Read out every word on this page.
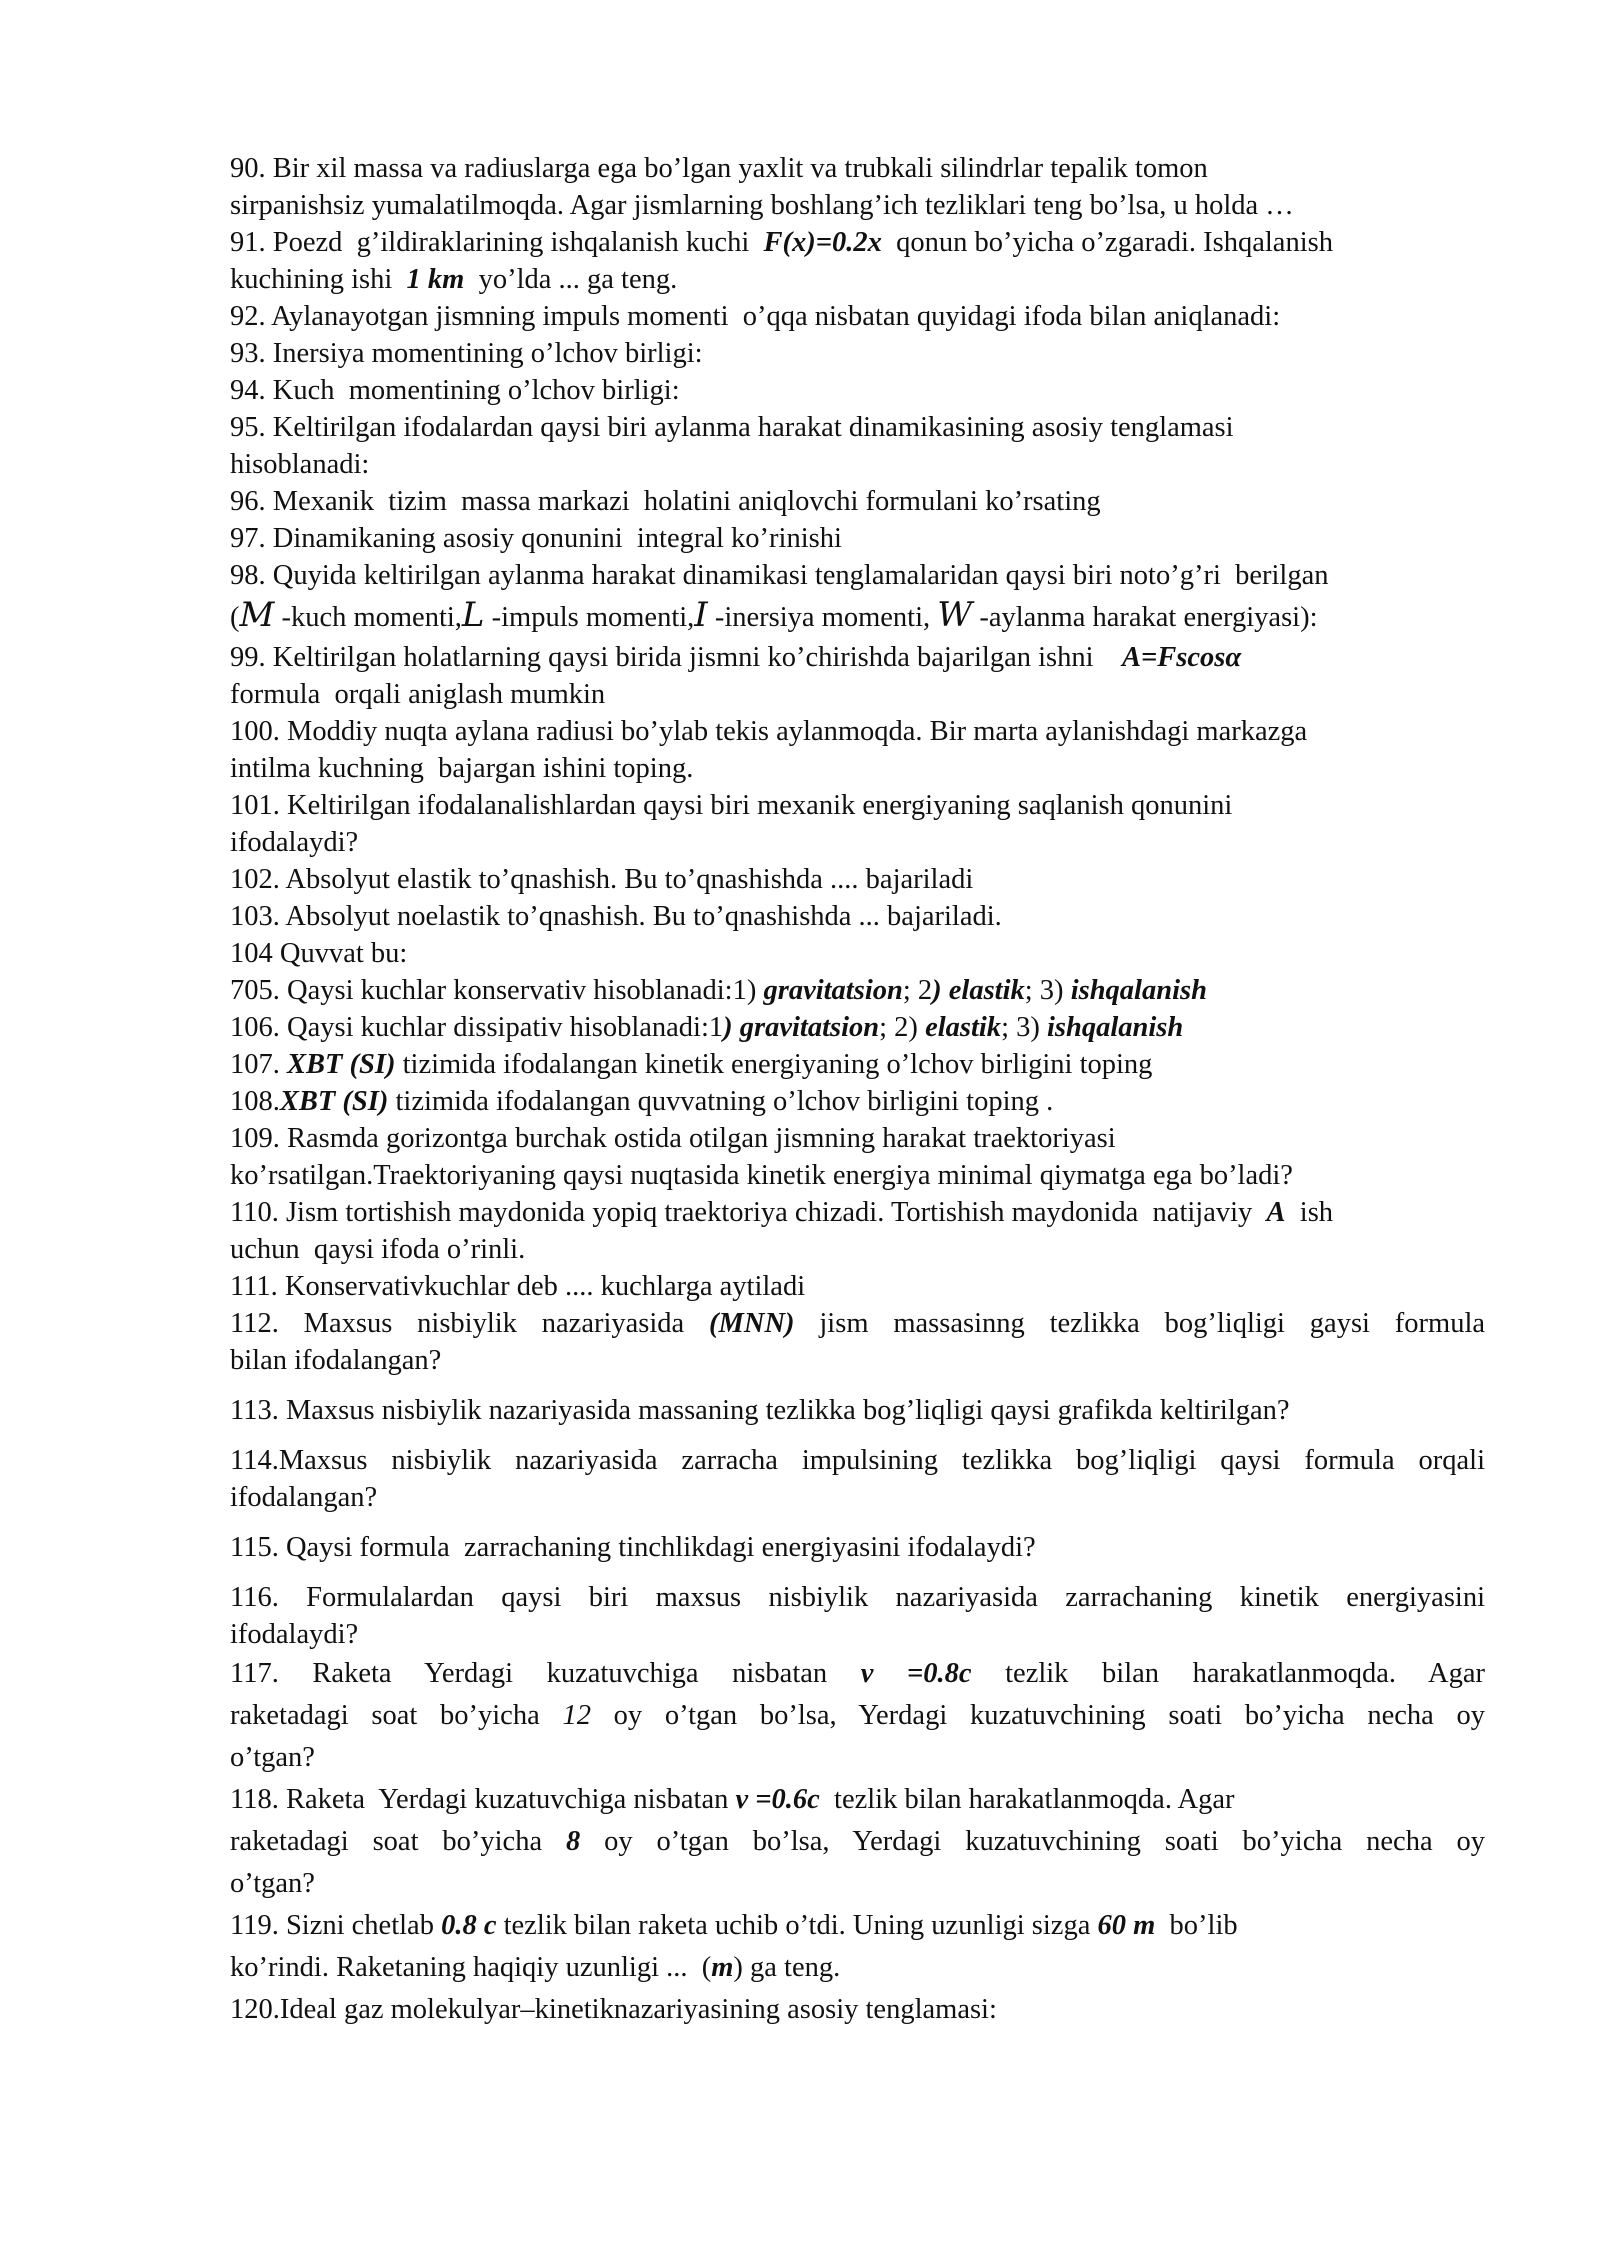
90. Bir xil massa va radiuslarga ega bo’lgan yaxlit va trubkali silindrlar tepalik tomon

sirpanishsiz yumalatilmoqda. Agar jismlarning boshlang’ich tezliklari teng bo’lsa, u holda …

91. Poezd  g’ildiraklarining ishqalanish kuchi  F(x)=0.2x  qonun bo’yicha o’zgaradi. Ishqalanish

kuchining ishi  1 km  yo’lda ... ga teng.

92. Aylanayotgan jismning impuls momenti  o’qqa nisbatan quyidagi ifoda bilan aniqlanadi:

93. Inersiya momentining o’lchov birligi:

94. Kuch  momentining o’lchov birligi:

95. Keltirilgan ifodalardan qaysi biri aylanma harakat dinamikasining asosiy tenglamasi

hisoblanadi:

96. Mexanik  tizim  massa markazi  holatini aniqlovchi formulani ko’rsating

97. Dinamikaning asosiy qonunini  integral ko’rinishi

98. Quyida keltirilgan aylanma harakat dinamikasi tenglamalaridan qaysi biri noto’g’ri  berilgan

(M -kuch momenti,L -impuls momenti,I -inersiya momenti, W -aylanma harakat energiyasi):

99. Keltirilgan holatlarning qaysi birida jismni ko’chirishda bajarilgan ishni    A=Fscosα

formula  orqali aniglash mumkin

100. Moddiy nuqta aylana radiusi bo’ylab tekis aylanmoqda. Bir marta aylanishdagi markazga

intilma kuchning  bajargan ishini toping.

101. Keltirilgan ifodalanalishlardan qaysi biri mexanik energiyaning saqlanish qonunini

ifodalaydi?

102. Absolyut elastik to’qnashish. Bu to’qnashishda .... bajariladi

103. Absolyut noelastik to’qnashish. Bu to’qnashishda ... bajariladi.

104 Quvvat bu:

705. Qaysi kuchlar konservativ hisoblanadi:1) gravitatsion; 2) elastik; 3) ishqalanish

106. Qaysi kuchlar dissipativ hisoblanadi:1) gravitatsion; 2) elastik; 3) ishqalanish

107. XBT (SI) tizimida ifodalangan kinetik energiyaning o’lchov birligini toping

108.XBT (SI) tizimida ifodalangan quvvatning o’lchov birligini toping .

109. Rasmda gorizontga burchak ostida otilgan jismning harakat traektoriyasi

ko’rsatilgan.Traektoriyaning qaysi nuqtasida kinetik energiya minimal qiymatga ega bo’ladi?

110. Jism tortishish maydonida yopiq traektoriya chizadi. Tortishish maydonida  natijaviy  A  ish

uchun  qaysi ifoda o’rinli.

111. Konservativkuchlar deb .... kuchlarga aytiladi

112. Maxsus nisbiylik nazariyasida (MNN) jism massasinng tezlikka bog’liqligi gaysi formula

bilan ifodalangan?

113. Maxsus nisbiylik nazariyasida massaning tezlikka bog’liqligi qaysi grafikda keltirilgan?

114.Maxsus nisbiylik nazariyasida zarracha impulsining tezlikka bog’liqligi qaysi formula orqali

ifodalangan?

115. Qaysi formula  zarrachaning tinchlikdagi energiyasini ifodalaydi?

116. Formulalardan qaysi biri maxsus nisbiylik nazariyasida zarrachaning kinetik energiyasini

ifodalaydi?

117. Raketa Yerdagi kuzatuvchiga nisbatan v =0.8c tezlik bilan harakatlanmoqda. Agar

raketadagi soat bo’yicha 12 oy o’tgan bo’lsa, Yerdagi kuzatuvchining soati bo’yicha necha oy

o’tgan?

118. Raketa  Yerdagi kuzatuvchiga nisbatan v =0.6c  tezlik bilan harakatlanmoqda. Agar

raketadagi soat bo’yicha 8 oy o’tgan bo’lsa, Yerdagi kuzatuvchining soati bo’yicha necha oy

o’tgan?

119. Sizni chetlab 0.8 c tezlik bilan raketa uchib o’tdi. Uning uzunligi sizga 60 m  bo’lib

ko’rindi. Raketaning haqiqiy uzunligi ...  (m) ga teng.

120.Ideal gaz molekulyar–kinetiknazariyasining asosiy tenglamasi:
